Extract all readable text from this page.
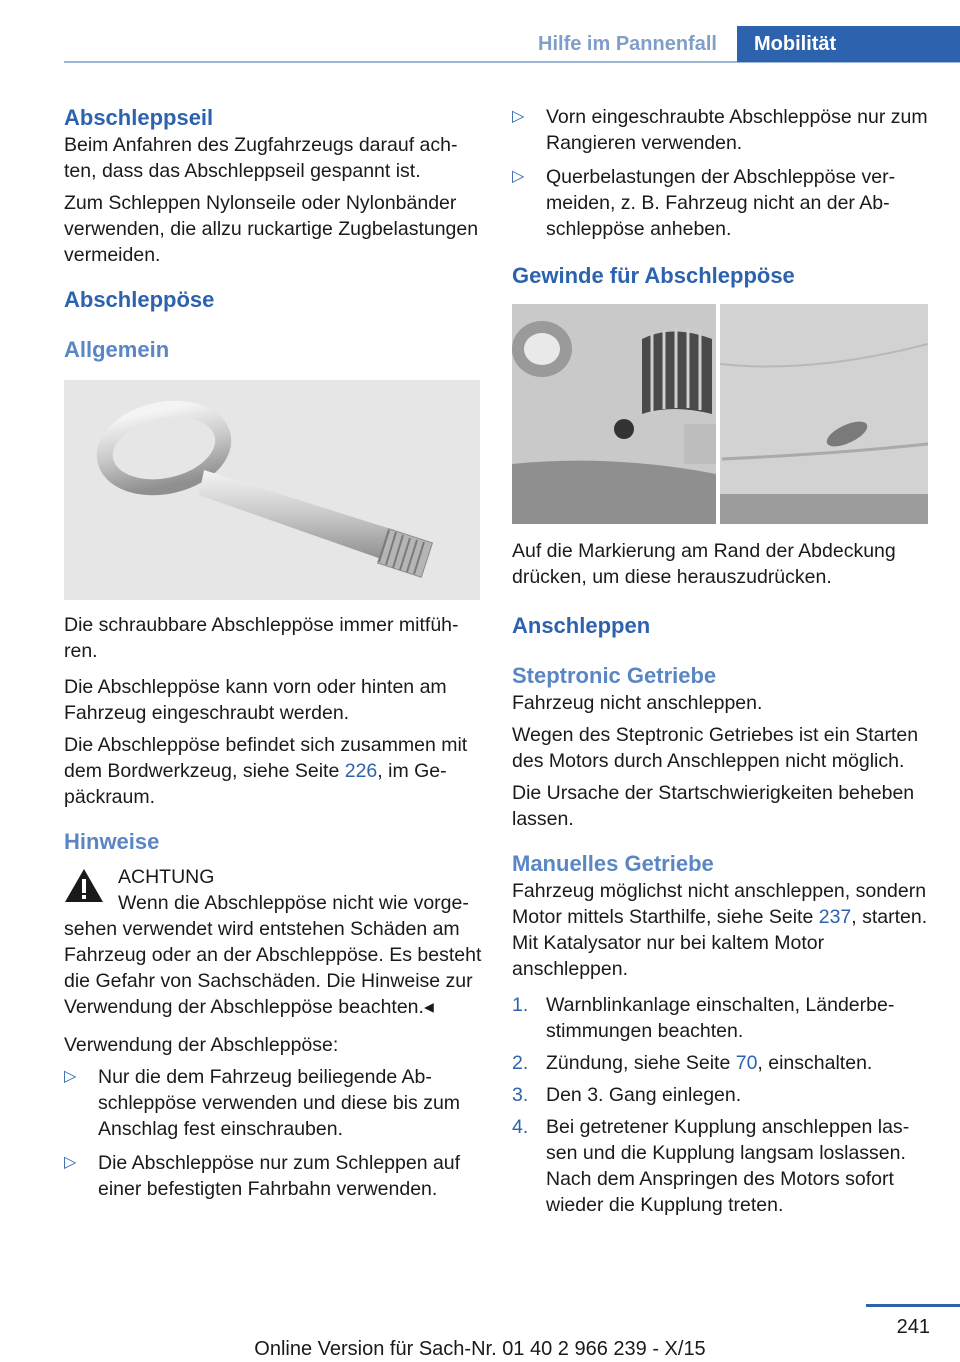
Hilfe im Pannenfall	Mobilität
Abschleppseil

Beim Anfahren des Zugfahrzeugs darauf achten, dass das Abschleppseil gespannt ist.

Zum Schleppen Nylonseile oder Nylonbänder verwenden, die allzu ruckartige Zugbelastungen vermeiden.

Abschleppöse
Allgemein

Die schraubbare Abschleppöse immer mitführen.

Die Abschleppöse kann vorn oder hinten am Fahrzeug eingeschraubt werden.

Die Abschleppöse befindet sich zusammen mit dem Bordwerkzeug, siehe Seite 226, im Gepäckraum.

Hinweise
ACHTUNG
Wenn die Abschleppöse nicht wie vorgesehen verwendet wird entstehen Schäden am Fahrzeug oder an der Abschleppöse. Es besteht die Gefahr von Sachschäden. Die Hinweise zur Verwendung der Abschleppöse beachten.◂

Verwendung der Abschleppöse:

▷ Nur die dem Fahrzeug beiliegende Abschleppöse verwenden und diese bis zum Anschlag fest einschrauben.
▷ Die Abschleppöse nur zum Schleppen auf einer befestigten Fahrbahn verwenden.
▷ Vorn eingeschraubte Abschleppöse nur zum Rangieren verwenden.
▷ Querbelastungen der Abschleppöse vermeiden, z. B. Fahrzeug nicht an der Abschleppöse anheben.
Gewinde für Abschleppöse

Auf die Markierung am Rand der Abdeckung drücken, um diese herauszudrücken.

Anschleppen
Steptronic Getriebe

Fahrzeug nicht anschleppen.

Wegen des Steptronic Getriebes ist ein Starten des Motors durch Anschleppen nicht möglich.

Die Ursache der Startschwierigkeiten beheben lassen.

Manuelles Getriebe

Fahrzeug möglichst nicht anschleppen, sondern Motor mittels Starthilfe, siehe Seite 237, starten. Mit Katalysator nur bei kaltem Motor anschleppen.

1. Warnblinkanlage einschalten, Länderbestimmungen beachten.
2. Zündung, siehe Seite 70, einschalten.
3. Den 3. Gang einlegen.
4. Bei getretener Kupplung anschleppen lassen und die Kupplung langsam loslassen. Nach dem Anspringen des Motors sofort wieder die Kupplung treten.
241
Online Version für Sach-Nr. 01 40 2 966 239 - X/15
